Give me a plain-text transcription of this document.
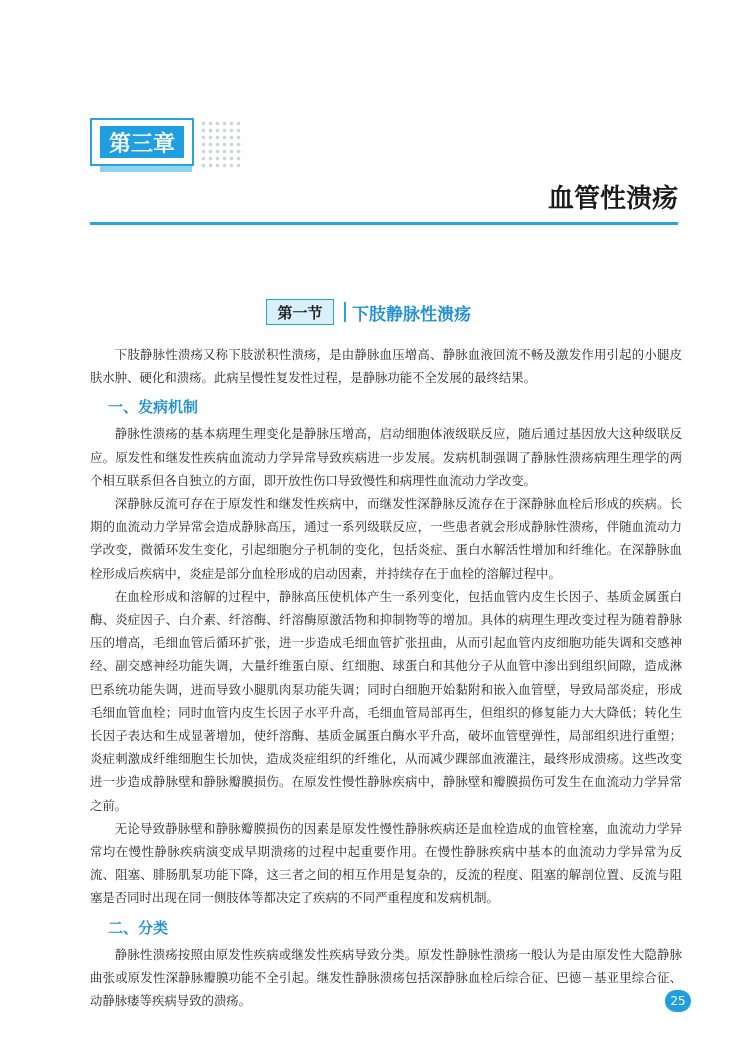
第三章
血管性溃疡
第一节	下肢静脉性溃疡

下肢静脉性溃疡又称下肢淤积性溃疡，是由静脉血压增高、静脉血液回流不畅及激发作用引起的小腿皮肤水肿、硬化和溃疡。此病呈慢性复发性过程，是静脉功能不全发展的最终结果。

一、发病机制

静脉性溃疡的基本病理生理变化是静脉压增高，启动细胞体液级联反应，随后通过基因放大这种级联反应。原发性和继发性疾病血流动力学异常导致疾病进一步发展。发病机制强调了静脉性溃疡病理生理学的两个相互联系但各自独立的方面，即开放性伤口导致慢性和病理性血流动力学改变。

深静脉反流可存在于原发性和继发性疾病中，而继发性深静脉反流存在于深静脉血栓后形成的疾病。长期的血流动力学异常会造成静脉高压，通过一系列级联反应，一些患者就会形成静脉性溃疡，伴随血流动力学改变，微循环发生变化，引起细胞分子机制的变化，包括炎症、蛋白水解活性增加和纤维化。在深静脉血栓形成后疾病中，炎症是部分血栓形成的启动因素，并持续存在于血栓的溶解过程中。

在血栓形成和溶解的过程中，静脉高压使机体产生一系列变化，包括血管内皮生长因子、基质金属蛋白酶、炎症因子、白介素、纤溶酶、纤溶酶原激活物和抑制物等的增加。具体的病理生理改变过程为随着静脉压的增高，毛细血管后循环扩张，进一步造成毛细血管扩张扭曲，从而引起血管内皮细胞功能失调和交感神经、副交感神经功能失调，大量纤维蛋白原、红细胞、球蛋白和其他分子从血管中渗出到组织间隙，造成淋巴系统功能失调，进而导致小腿肌肉泵功能失调；同时白细胞开始黏附和嵌入血管壁，导致局部炎症，形成毛细血管血栓；同时血管内皮生长因子水平升高，毛细血管局部再生，但组织的修复能力大大降低；转化生长因子表达和生成显著增加，使纤溶酶、基质金属蛋白酶水平升高，破坏血管壁弹性，局部组织进行重塑；炎症刺激成纤维细胞生长加快，造成炎症组织的纤维化，从而减少踝部血液灌注，最终形成溃疡。这些改变进一步造成静脉壁和静脉瓣膜损伤。在原发性慢性静脉疾病中，静脉壁和瓣膜损伤可发生在血流动力学异常之前。

无论导致静脉壁和静脉瓣膜损伤的因素是原发性慢性静脉疾病还是血栓造成的血管栓塞，血流动力学异常均在慢性静脉疾病演变成早期溃疡的过程中起重要作用。在慢性静脉疾病中基本的血流动力学异常为反流、阻塞、腓肠肌泵功能下降，这三者之间的相互作用是复杂的，反流的程度、阻塞的解剖位置、反流与阻塞是否同时出现在同一侧肢体等都决定了疾病的不同严重程度和发病机制。

二、分类

静脉性溃疡按照由原发性疾病或继发性疾病导致分类。原发性静脉性溃疡一般认为是由原发性大隐静脉曲张或原发性深静脉瓣膜功能不全引起。继发性静脉溃疡包括深静脉血栓后综合征、巴德－基亚里综合征、动静脉瘘等疾病导致的溃疡。	25
